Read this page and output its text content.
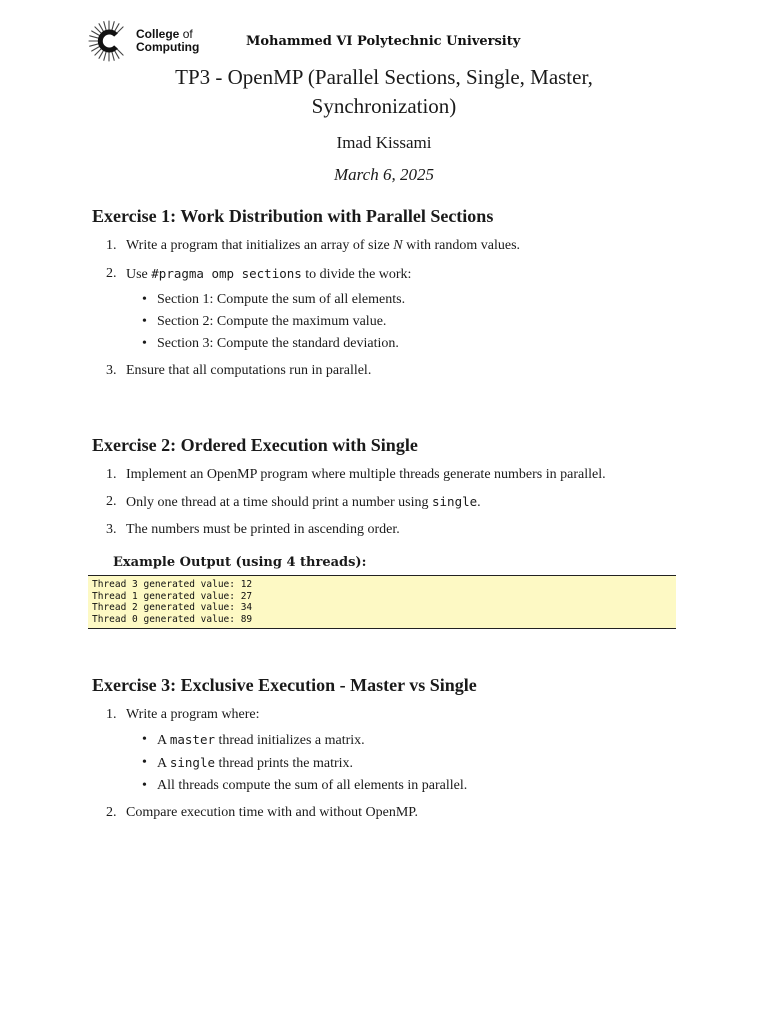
College of
Computing	Mohammed VI Polytechnic University
TP3 - OpenMP (Parallel Sections, Single, Master,
Synchronization)
Imad Kissami
March 6, 2025
Exercise 1: Work Distribution with Parallel Sections
1. Write a program that initializes an array of size N with random values.
2. Use #pragma omp sections to divide the work:
• Section 1: Compute the sum of all elements.
• Section 2: Compute the maximum value.
• Section 3: Compute the standard deviation.
3. Ensure that all computations run in parallel.
Exercise 2: Ordered Execution with Single
1. Implement an OpenMP program where multiple threads generate numbers in parallel.
2. Only one thread at a time should print a number using single.
3. The numbers must be printed in ascending order.
Example Output (using 4 threads):
Thread 3 generated value: 12
Thread 1 generated value: 27
Thread 2 generated value: 34
Thread 0 generated value: 89
Exercise 3: Exclusive Execution - Master vs Single
1. Write a program where:
• A master thread initializes a matrix.
• A single thread prints the matrix.
• All threads compute the sum of all elements in parallel.
2. Compare execution time with and without OpenMP.
